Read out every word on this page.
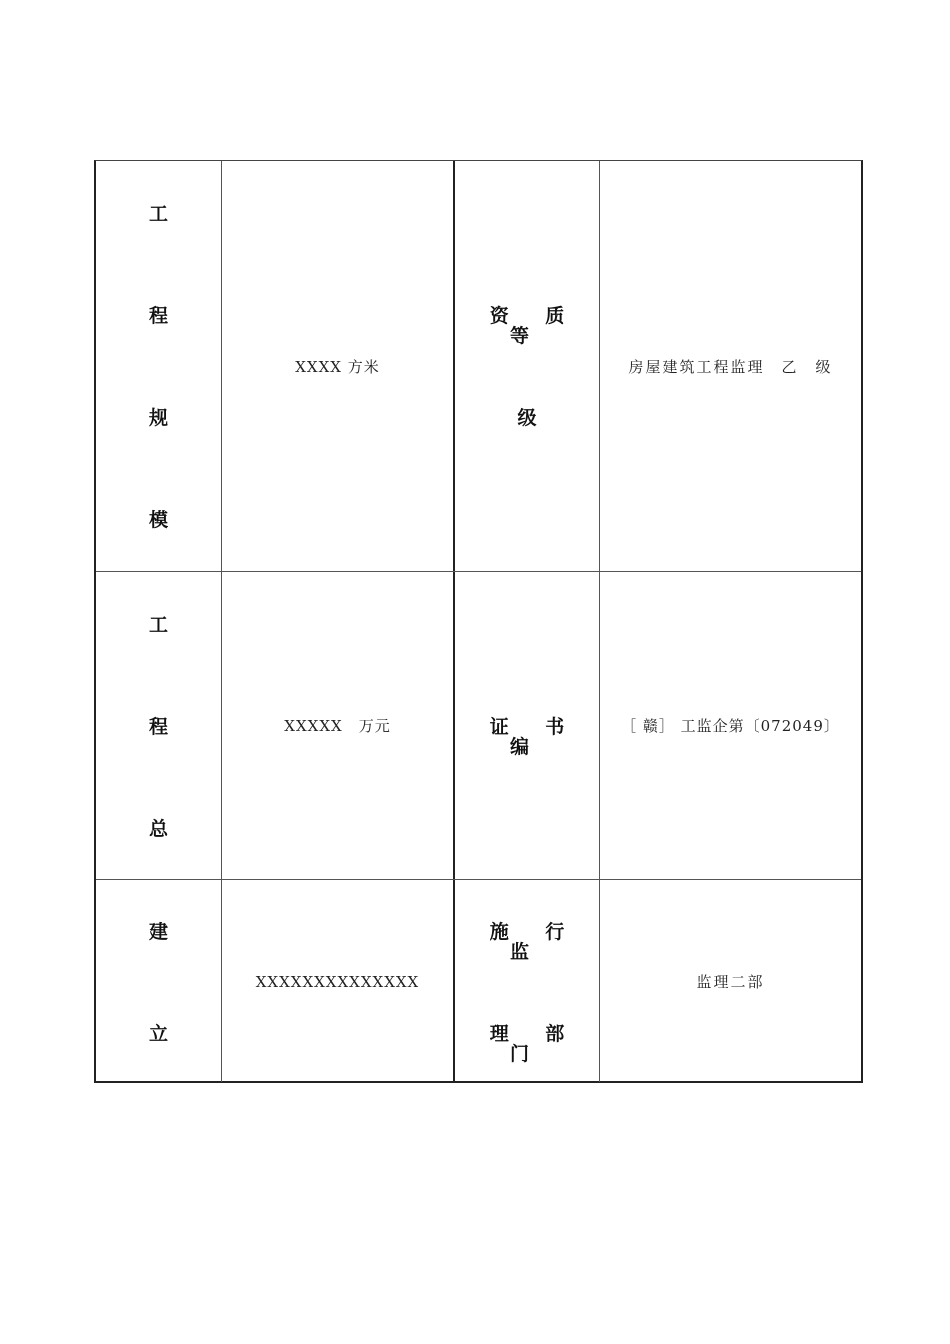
工
程
规
模
XXXX 方米
资 质 等
级
房屋建筑工程监理　乙　级
工
程
总
XXXXX　万元	证 书 编
［ 赣］ 工监企第〔072049〕
建
立
XXXXXXXXXXXXXX
施 行 监
理 部 门
监理二部
